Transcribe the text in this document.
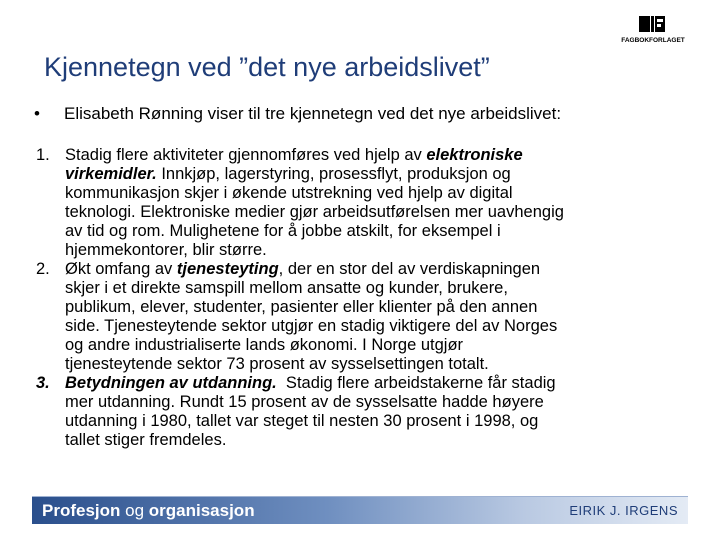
FAGBOKFORLAGET
Kjennetegn ved ”det nye arbeidslivet”
• Elisabeth Rønning viser til tre kjennetegn ved det nye arbeidslivet:
1. Stadig flere aktiviteter gjennomføres ved hjelp av elektroniske
virkemidler. Innkjøp, lagerstyring, prosessflyt, produksjon og
kommunikasjon skjer i økende utstrekning ved hjelp av digital
teknologi. Elektroniske medier gjør arbeidsutførelsen mer uavhengig
av tid og rom. Mulighetene for å jobbe atskilt, for eksempel i
hjemmekontorer, blir større.
2. Økt omfang av tjenesteyting, der en stor del av verdiskapningen
skjer i et direkte samspill mellom ansatte og kunder, brukere,
publikum, elever, studenter, pasienter eller klienter på den annen
side. Tjenesteytende sektor utgjør en stadig viktigere del av Norges
og andre industrialiserte lands økonomi. I Norge utgjør
tjenesteytende sektor 73 prosent av sysselsettingen totalt.
3. Betydningen av utdanning.  Stadig flere arbeidstakerne får stadig
mer utdanning. Rundt 15 prosent av de sysselsatte hadde høyere
utdanning i 1980, tallet var steget til nesten 30 prosent i 1998, og
tallet stiger fremdeles.
Profesjon og organisasjon	EIRIK J. IRGENS
